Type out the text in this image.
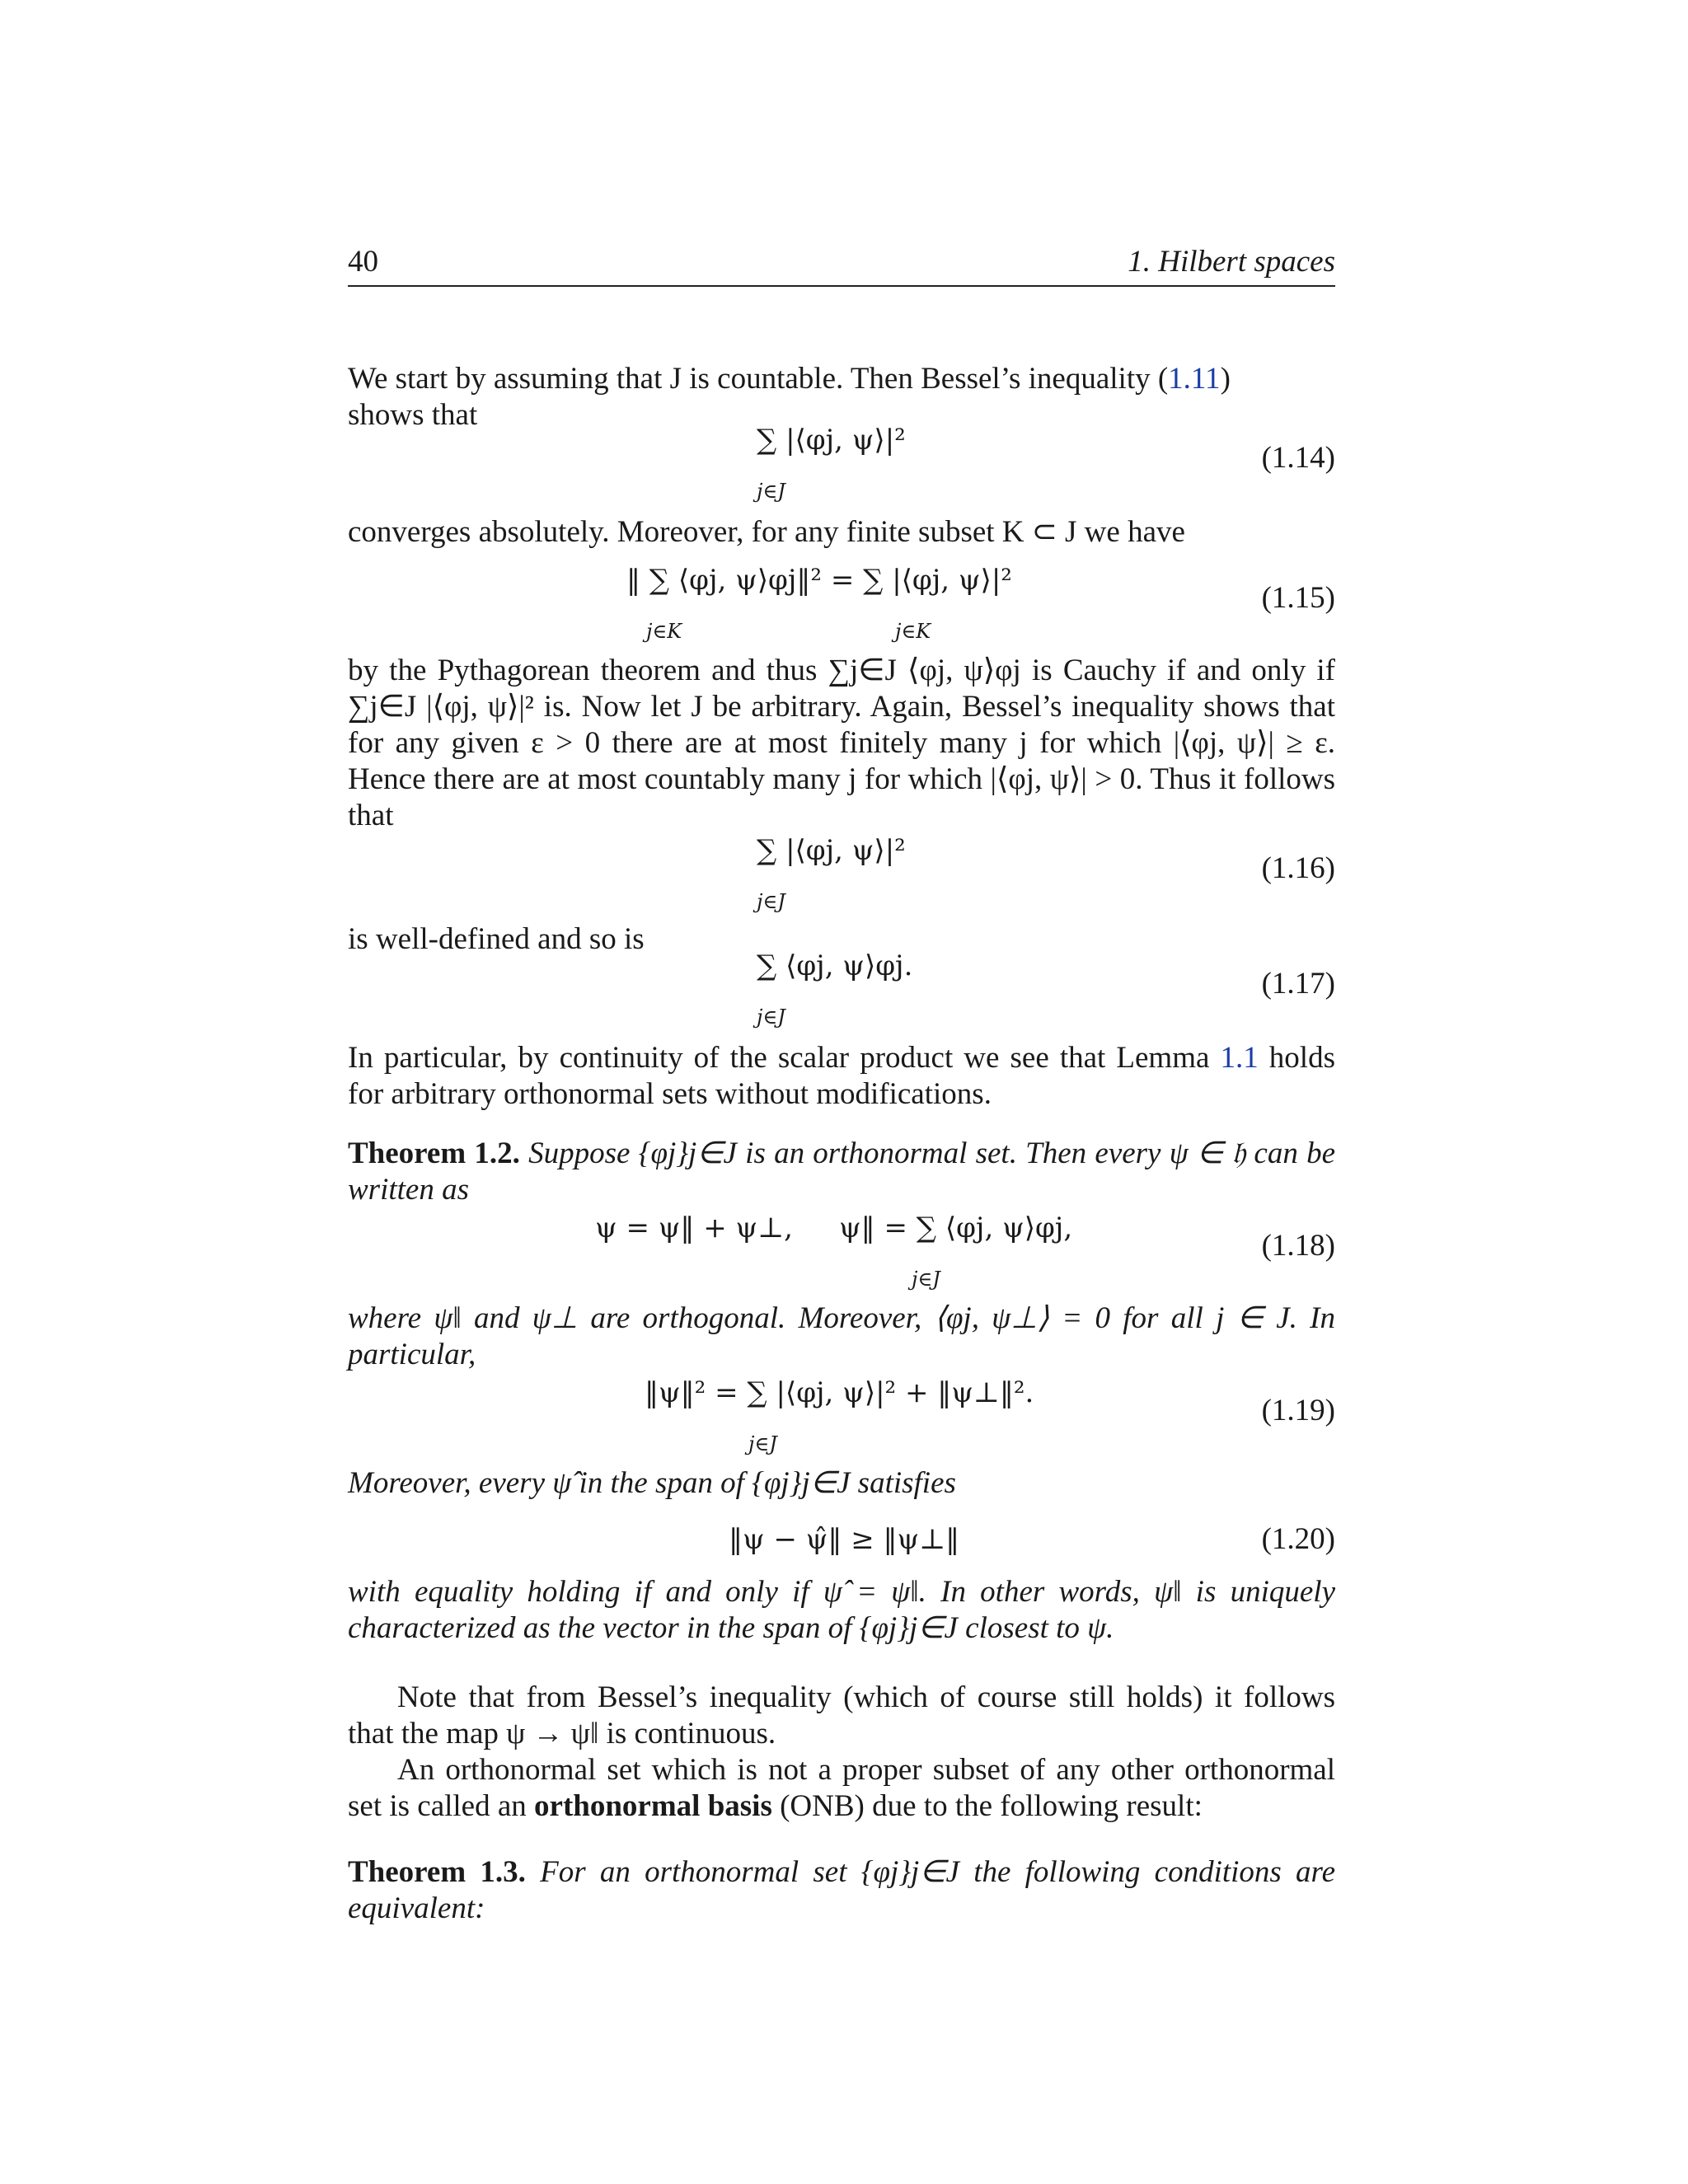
40	1. Hilbert spaces

We start by assuming that J is countable. Then Bessel’s inequality (1.11)

shows that

∑ |⟨φj, ψ⟩|²
j∈J
(1.14)

converges absolutely. Moreover, for any finite subset K ⊂ J we have

‖ ∑ ⟨φj, ψ⟩φj‖² = ∑ |⟨φj, ψ⟩|²
j∈K	j∈K
(1.15)

by the Pythagorean theorem and thus ∑j∈J ⟨φj, ψ⟩φj is Cauchy if and only if ∑j∈J |⟨φj, ψ⟩|² is. Now let J be arbitrary. Again, Bessel’s inequality shows that for any given ε > 0 there are at most finitely many j for which |⟨φj, ψ⟩| ≥ ε. Hence there are at most countably many j for which |⟨φj, ψ⟩| > 0. Thus it follows that

∑ |⟨φj, ψ⟩|²
j∈J
(1.16)

is well-defined and so is

∑ ⟨φj, ψ⟩φj.
j∈J
(1.17)

In particular, by continuity of the scalar product we see that Lemma 1.1 holds for arbitrary orthonormal sets without modifications.

Theorem 1.2. Suppose {φj}j∈J is an orthonormal set. Then every ψ ∈ 𝔥 can be written as

ψ = ψ‖ + ψ⊥, ψ‖ = ∑ ⟨φj, ψ⟩φj,
j∈J
(1.18)

where ψ‖ and ψ⊥ are orthogonal. Moreover, ⟨φj, ψ⊥⟩ = 0 for all j ∈ J. In particular,

‖ψ‖² = ∑ |⟨φj, ψ⟩|² + ‖ψ⊥‖².
j∈J
(1.19)

Moreover, every ψ̂ in the span of {φj}j∈J satisfies

‖ψ − ψ̂‖ ≥ ‖ψ⊥‖	(1.20)

with equality holding if and only if ψ̂ = ψ‖. In other words, ψ‖ is uniquely characterized as the vector in the span of {φj}j∈J closest to ψ.

Note that from Bessel’s inequality (which of course still holds) it follows that the map ψ → ψ‖ is continuous.

An orthonormal set which is not a proper subset of any other orthonormal set is called an orthonormal basis (ONB) due to the following result:

Theorem 1.3. For an orthonormal set {φj}j∈J the following conditions are equivalent:
